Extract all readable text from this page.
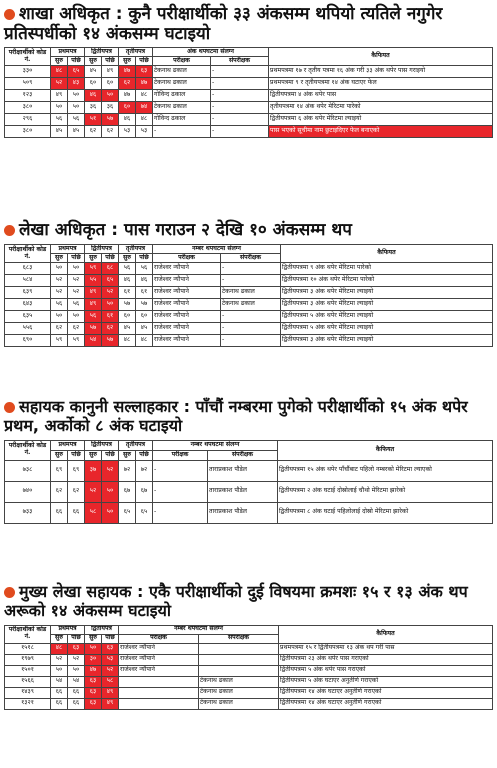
शाखा अधिकृत : कुनै परीक्षार्थीको ३३ अंकसम्म थपियो त्यतिले नगुगेर प्रतिस्पर्धीको १४ अंकसम्म घटाइयो
परीक्षार्थीको कोड नं.	प्रथमपत्र		द्वितीयपत्र		तृतीयपत्र		अंक थपघटमा संलग्न		कैफियत
	सुरु	पछि	सुरु	पछि	सुरु	पछि	परीक्षक	संपरीक्षक	
३३०	४८	६५	४५	४९	४७	६३	टेकनाथ ढकाल	-	प्रथमपत्रमा १७ र तृतीय पत्रमा १६ अंक गरी ३३ अंक थपेर पास गराइयो
५०९	५२	४३	६०	६०	६२	४७	टेकनाथ ढकाल	-	प्रथमपत्रमा ९ र तृतीयपत्रमा १४ अंक घटाएर फेल
१२३	४९	५०	४६	५०	४७	४८	गोविन्द ढकाल	-	द्वितीयपत्रमा ४ अंक थपेर पास
३८०	५०	५०	३६	३६	६०	७४	टेकनाथ ढकाल	-	तृतीयपत्रमा १४ अंक थपेर मेरिटमा पारेको
२९६	५६	५६	५१	५७	४६	४८	गोविन्द ढकाल	-	द्वितीयपत्रमा ६ अंक थपेर मेरिटमा ल्याइयो
३८०	४५	४५	६२	६२	५३	५३	-	-	पास भएको सूचीमा नाम छुटाइदिएर फेल बनाएको
लेखा अधिकृत : पास गराउन २ देखि १० अंकसम्म थप
परीक्षार्थीको कोड नं.	प्रथमपत्र		द्वितीयपत्र		तृतीयपत्र		नम्बर थपघटमा संलग्न		कैफियत
	सुरु	पछि	सुरु	पछि	सुरु	पछि	परीक्षक	संपरीक्षक	
६८३	५०	५०	५९	६८	५६	५६	राजेश्वर न्यौपाने	-	द्वितीयपत्रमा ९ अंक थपेर मेरिटमा पारेको
५८४	५२	५२	५५	६५	४६	४६	राजेश्वर न्यौपाने	-	द्वितीयपत्रमा १० अंक थपेर मेरिटमा पारेको
६३९	५२	५२	४९	५२	६१	६१	राजेश्वर न्यौपाने	टेकनाथ ढकाल	द्वितीयपत्रमा ३ अंक थपेर मेरिटमा ल्याइयो
६४३	५६	५६	४९	५०	५७	५७	राजेश्वर न्यौपाने	टेकनाथ ढकाल	द्वितीयपत्रमा ३ अंक थपेर मेरिटमा ल्याइयो
६३५	५०	५०	५६	६१	६०	६०	राजेश्वर न्यौपाने	-	द्वितीयपत्रमा ५ अंक थपेर मेरिटमा ल्याइयो
५५६	६२	६२	५७	६२	४५	४५	राजेश्वर न्यौपाने	-	द्वितीयपत्रमा ५ अंक थपेर मेरिटमा ल्याइयो
६९०	५९	५९	५४	५७	४८	४८	राजेश्वर न्यौपाने	-	द्वितीयपत्रमा ३ अंक थपेर मेरिटमा ल्याइयो
सहायक कानुनी सल्लाहकार : पाँचौं नम्बरमा पुगेको परीक्षार्थीको १५ अंक थपेर प्रथम, अर्कोको ८ अंक घटाइयो
परीक्षार्थीको कोड नं.	प्रथमपत्र		द्वितीयपत्र		तृतीयपत्र		नम्बर थपघटमा संलग्न		कैफियत
	सुरु	पछि	सुरु	पछि	सुरु	पछि	परीक्षक	संपरीक्षक	
७३८	६९	६९	३७	५२	७२	७२	-	ताराप्रकाश पौडेल	द्वितीयपत्रमा १५ अंक थपेर पाँचौंबाट पहिलो नम्बरको मेरिटमा ल्याएको
७४०	६२	६२	५२	५०	६७	६७	-	ताराप्रकाश पौडेल	द्वितीयपत्रमा २ अंक घटाई दोस्रोलाई चौथो मेरिटमा झारेको
७३३	६६	६६	५८	५०	६५	६५	-	ताराप्रकाश पौडेल	द्वितीयपत्रमा ८ अंक घटाई पहिलोलाई दोस्रो मेरिटमा झारेको
मुख्य लेखा सहायक : एकै परीक्षार्थीको दुई विषयमा क्रमशः १५ र १३ अंक थप अरूको १४ अंकसम्म घटाइयो
परीक्षार्थीको कोड नं.	प्रथमपत्र		द्वितीयपत्र		नम्बर थपघटमा संलग्न		कैफियत
	सुरु	पछि	सुरु	पछि	परीक्षक	संपरीक्षक	
१५१८	४८	६३	५०	६३	राजेश्वर न्यौपाने		प्रथमपत्रमा १५ र द्वितीयपत्रमा १३ अंक थप गरी पास
१९७९	५२	५२	३०	५३	राजेश्वर न्यौपाने		द्वितीयपत्रमा २३ अंक थपेर पास गराएको
१५०१	५०	५०	४७	५२	राजेश्वर न्यौपाने		द्वितीयपत्रमा ५ अंक थपेर पास गराएको
१५६६	५४	५४	६३	५८		टेकनाथ ढकाल	द्वितीयपत्रमा ५ अंक घटाएर अनुतीर्ण गराएको
१४३९	६६	६६	६३	४९		टेकनाथ ढकाल	द्वितीयपत्रमा १४ अंक घटाएर अनुतीर्ण गराएको
१३२१	६६	६६	६३	४९		टेकनाथ ढकाल	द्वितीयपत्रमा १४ अंक घटाएर अनुतीर्ण गराएको
